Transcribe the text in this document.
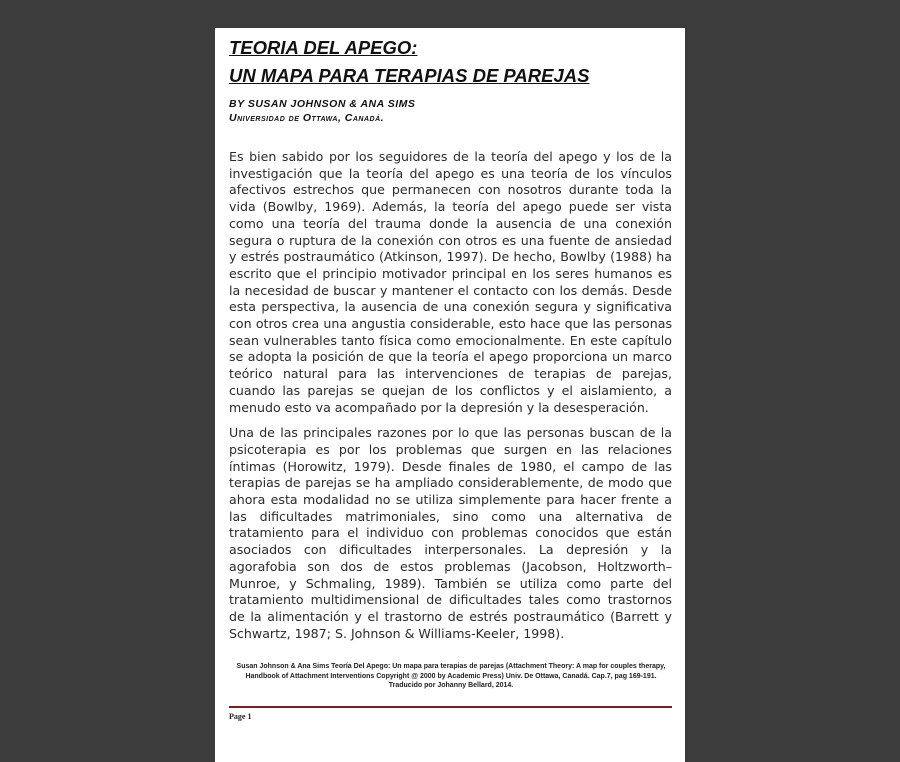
TEORIA DEL APEGO:
UN MAPA PARA TERAPIAS DE PAREJAS
BY SUSAN JOHNSON & ANA SIMS
Universidad de Ottawa, Canadá.

Es bien sabido por los seguidores de la teoría del apego y los de la investigación que la teoría del apego es una teoría de los vínculos afectivos estrechos que permanecen con nosotros durante toda la vida (Bowlby, 1969). Además, la teoría del apego puede ser vista como una teoría del trauma donde la ausencia de una conexión segura o ruptura de la conexión con otros es una fuente de ansiedad y estrés postraumático (Atkinson, 1997). De hecho, Bowlby (1988) ha escrito que el principio motivador principal en los seres humanos es la necesidad de buscar y mantener el contacto con los demás. Desde esta perspectiva, la ausencia de una conexión segura y significativa con otros crea una angustia considerable, esto hace que las personas sean vulnerables tanto física como emocionalmente. En este capítulo se adopta la posición de que la teoría el apego proporciona un marco teórico natural para las intervenciones de terapias de parejas, cuando las parejas se quejan de los conflictos y el aislamiento, a menudo esto va acompañado por la depresión y la desesperación.

Una de las principales razones por lo que las personas buscan de la psicoterapia es por los problemas que surgen en las relaciones íntimas (Horowitz, 1979). Desde finales de 1980, el campo de las terapias de parejas se ha ampliado considerablemente, de modo que ahora esta modalidad no se utiliza simplemente para hacer frente a las dificultades matrimoniales, sino como una alternativa de tratamiento para el individuo con problemas conocidos que están asociados con dificultades interpersonales. La depresión y la agorafobia son dos de estos problemas (Jacobson, Holtzworth–Munroe, y Schmaling, 1989). También se utiliza como parte del tratamiento multidimensional de dificultades tales como trastornos de la alimentación y el trastorno de estrés postraumático (Barrett y Schwartz, 1987; S. Johnson & Williams-Keeler, 1998).

Susan Johnson & Ana Sims Teoría Del Apego: Un mapa para terapias de parejas (Attachment Theory: A map for couples therapy, Handbook of Attachment Interventions Copyright @ 2000 by Academic Press) Univ. De Ottawa, Canadá. Cap.7, pag 169-191. Traducido por Johanny Bellard, 2014.
Page 1
